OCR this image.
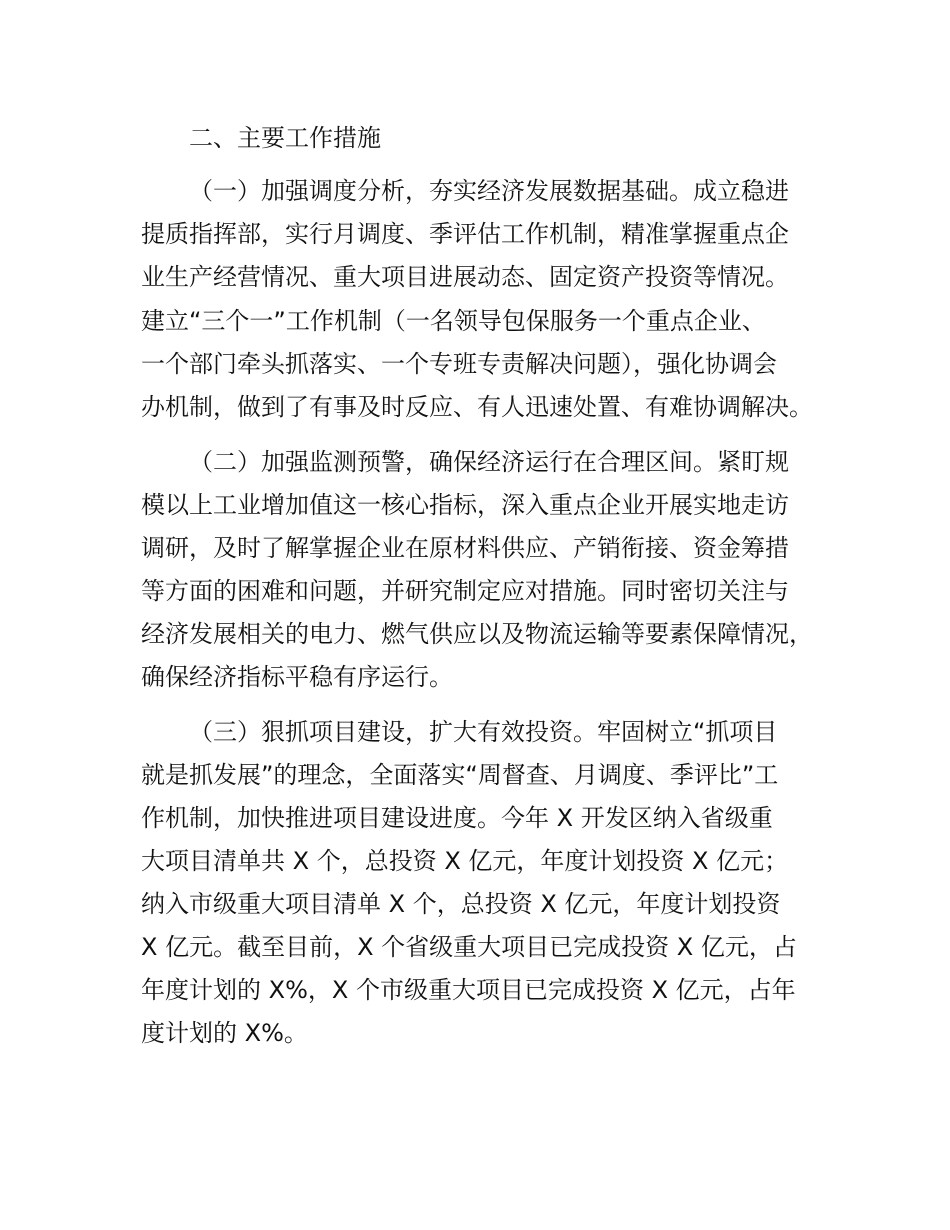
二、主要工作措施

（一）加强调度分析，夯实经济发展数据基础。成立稳进

提质指挥部，实行月调度、季评估工作机制，精准掌握重点企

业生产经营情况、重大项目进展动态、固定资产投资等情况。

建立“三个一”工作机制（一名领导包保服务一个重点企业、

一个部门牵头抓落实、一个专班专责解决问题），强化协调会

办机制，做到了有事及时反应、有人迅速处置、有难协调解决。

（二）加强监测预警，确保经济运行在合理区间。紧盯规

模以上工业增加值这一核心指标，深入重点企业开展实地走访

调研，及时了解掌握企业在原材料供应、产销衔接、资金筹措

等方面的困难和问题，并研究制定应对措施。同时密切关注与

经济发展相关的电力、燃气供应以及物流运输等要素保障情况，

确保经济指标平稳有序运行。

（三）狠抓项目建设，扩大有效投资。牢固树立“抓项目

就是抓发展”的理念，全面落实“周督查、月调度、季评比”工

作机制，加快推进项目建设进度。今年 X 开发区纳入省级重

大项目清单共 X 个，总投资 X 亿元，年度计划投资 X 亿元；

纳入市级重大项目清单 X 个，总投资 X 亿元，年度计划投资

X 亿元。截至目前，X 个省级重大项目已完成投资 X 亿元，占

年度计划的 X%，X 个市级重大项目已完成投资 X 亿元，占年

度计划的 X%。
